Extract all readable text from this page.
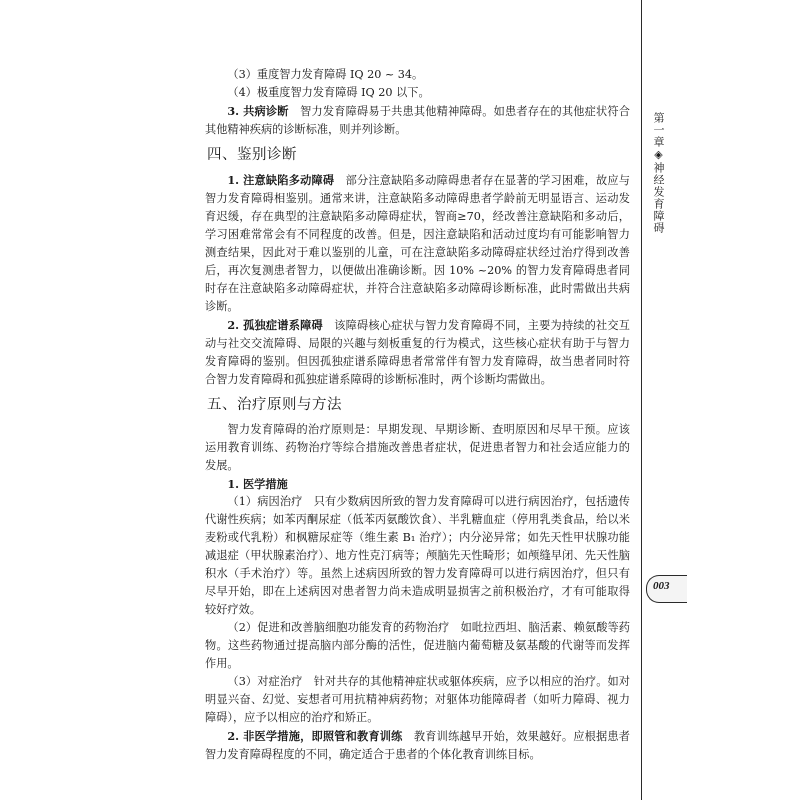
（3）重度智力发育障碍 IQ 20 ~ 34。

（4）极重度智力发育障碍 IQ 20 以下。

3. 共病诊断　智力发育障碍易于共患其他精神障碍。如患者存在的其他症状符合其他精神疾病的诊断标准，则并列诊断。

四、鉴别诊断

1. 注意缺陷多动障碍　部分注意缺陷多动障碍患者存在显著的学习困难，故应与智力发育障碍相鉴别。通常来讲，注意缺陷多动障碍患者学龄前无明显语言、运动发育迟缓，存在典型的注意缺陷多动障碍症状，智商≥70，经改善注意缺陷和多动后，学习困难常常会有不同程度的改善。但是，因注意缺陷和活动过度均有可能影响智力测查结果，因此对于难以鉴别的儿童，可在注意缺陷多动障碍症状经过治疗得到改善后，再次复测患者智力，以便做出准确诊断。因 10% ~20% 的智力发育障碍患者同时存在注意缺陷多动障碍症状，并符合注意缺陷多动障碍诊断标准，此时需做出共病诊断。

2. 孤独症谱系障碍　该障碍核心症状与智力发育障碍不同，主要为持续的社交互动与社交交流障碍、局限的兴趣与刻板重复的行为模式，这些核心症状有助于与智力发育障碍的鉴别。但因孤独症谱系障碍患者常常伴有智力发育障碍，故当患者同时符合智力发育障碍和孤独症谱系障碍的诊断标准时，两个诊断均需做出。

五、治疗原则与方法

智力发育障碍的治疗原则是：早期发现、早期诊断、查明原因和尽早干预。应该运用教育训练、药物治疗等综合措施改善患者症状，促进患者智力和社会适应能力的发展。

1. 医学措施

（1）病因治疗　只有少数病因所致的智力发育障碍可以进行病因治疗，包括遗传代谢性疾病；如苯丙酮尿症（低苯丙氨酸饮食）、半乳糖血症（停用乳类食品，给以米麦粉或代乳粉）和枫糖尿症等（维生素 B₁ 治疗）；内分泌异常；如先天性甲状腺功能减退症（甲状腺素治疗）、地方性克汀病等；颅脑先天性畸形；如颅缝早闭、先天性脑积水（手术治疗）等。虽然上述病因所致的智力发育障碍可以进行病因治疗，但只有尽早开始，即在上述病因对患者智力尚未造成明显损害之前积极治疗，才有可能取得较好疗效。

（2）促进和改善脑细胞功能发育的药物治疗　如吡拉西坦、脑活素、赖氨酸等药物。这些药物通过提高脑内部分酶的活性，促进脑内葡萄糖及氨基酸的代谢等而发挥作用。

（3）对症治疗　针对共存的其他精神症状或躯体疾病，应予以相应的治疗。如对明显兴奋、幻觉、妄想者可用抗精神病药物；对躯体功能障碍者（如听力障碍、视力障碍），应予以相应的治疗和矫正。

2. 非医学措施，即照管和教育训练　教育训练越早开始，效果越好。应根据患者智力发育障碍程度的不同，确定适合于患者的个体化教育训练目标。

第一章◈神经发育障碍
003
